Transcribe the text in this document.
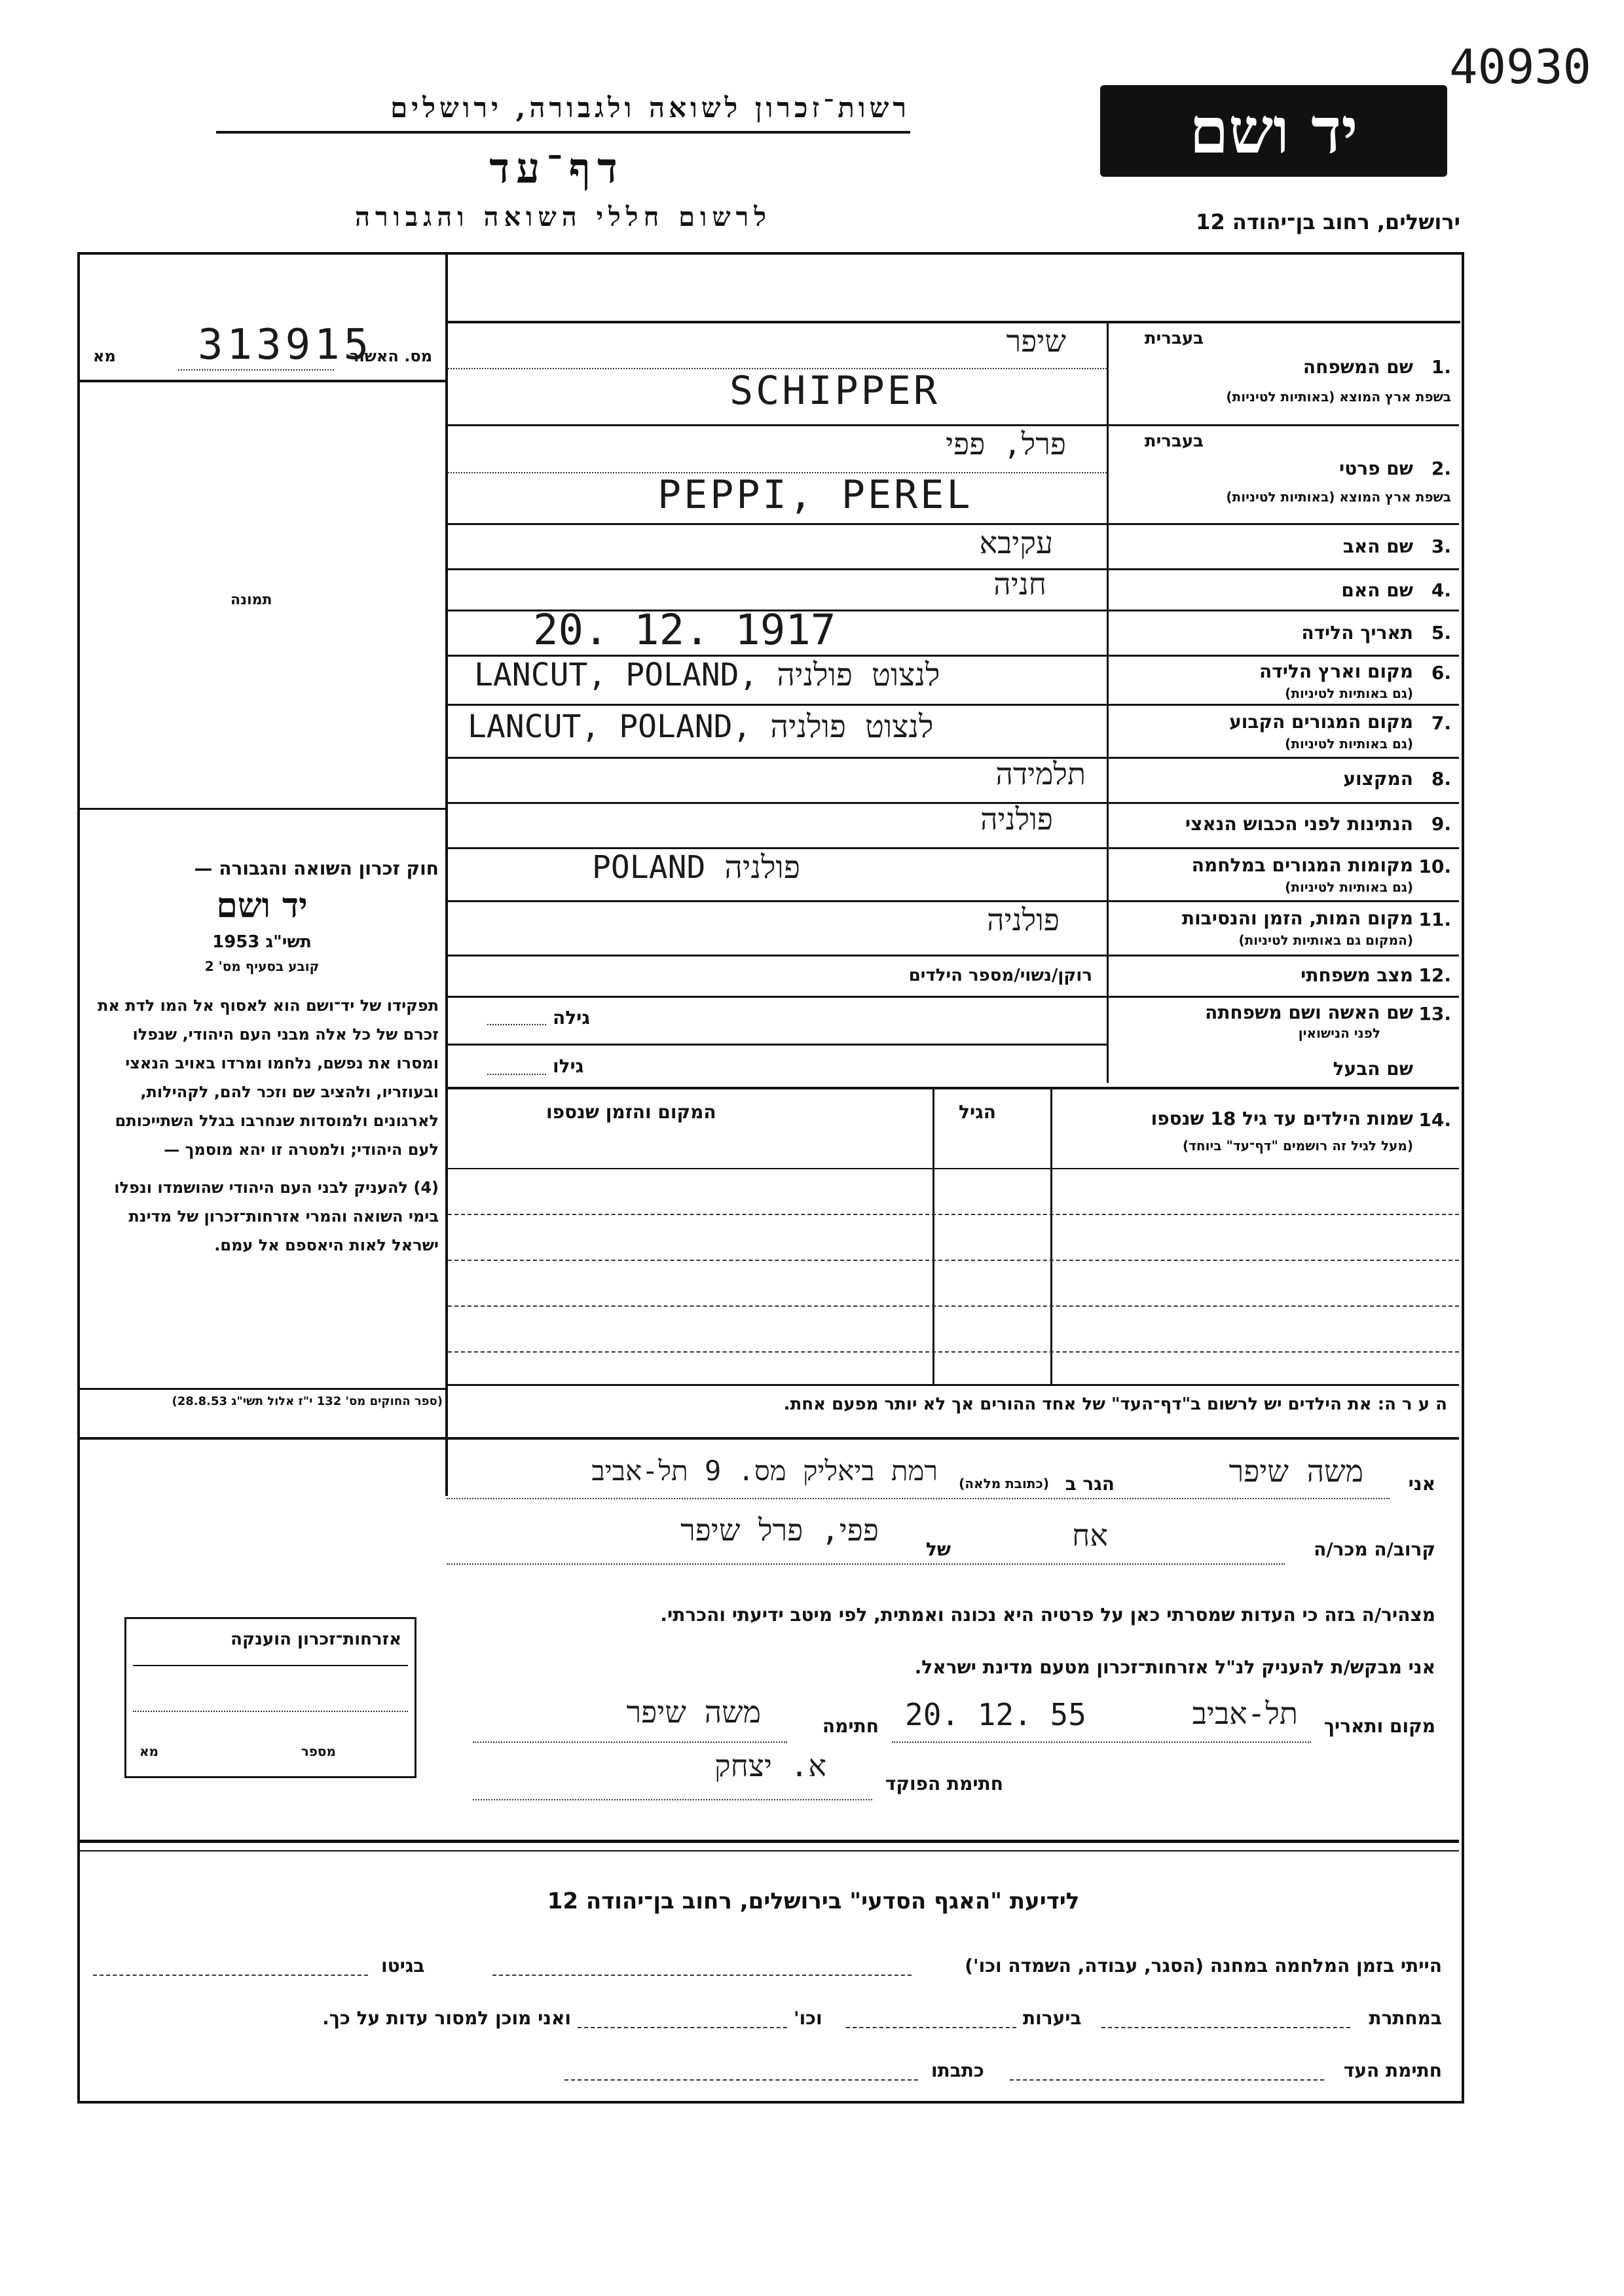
40930
רשות־זכרון לשואה ולגבורה, ירושלים
דף־עד
לרשום חללי השואה והגבורה
יד ושם
ירושלים, רחוב בן־יהודה 12
מס. האשור
מא 313915
תמונה
חוק זכרון השואה והגבורה —
יד ושם
תשי"ג 1953
קובע בסעיף מס' 2
תפקידו של יד־ושם הוא לאסוף אל המו לדת את זכרם של כל אלה מבני העם היהודי, שנפלו ומסרו את נפשם, נלחמו ומרדו באויב הנאצי ובעוזריו, ולהציב שם וזכר להם, לקהילות, לארגונים ולמוסדות שנחרבו בגלל השתייכותם לעם היהודי; ולמטרה זו יהא מוסמך —
(4) להעניק לבני העם היהודי שהושמדו ונפלו בימי השואה והמרי אזרחות־זכרון של מדינת ישראל לאות היאספם אל עמם.
(ספר החוקים מס' 132 י"ז אלול תשי"ג 28.8.53)
בעברית
1.
שם המשפחה
בשפת ארץ המוצא (באותיות לטיניות)
שיפר
SCHIPPER
בעברית
2.
שם פרטי
בשפת ארץ המוצא (באותיות לטיניות)
פרל, פפי
PEPPI, PEREL
3.
שם האב
עקיבא
4.
שם האם
חניה
5.
תאריך הלידה
20. 12. 1917
6.
מקום וארץ הלידה
(גם באותיות לטיניות)
LANCUT, POLAND, לנצוט פולניה
7.
מקום המגורים הקבוע
(גם באותיות לטיניות)
LANCUT, POLAND, לנצוט פולניה
8.
המקצוע
תלמידה
9.
הנתינות לפני הכבוש הנאצי
פולניה
10.
מקומות המגורים במלחמה
(גם באותיות לטיניות)
POLAND פולניה
11.
מקום המות, הזמן והנסיבות
(המקום גם באותיות לטיניות)
פולניה
12.
מצב משפחתי
רוקן/נשוי/מספר הילדים
13.
שם האשה ושם משפחתה
לפני הנישואין
גילה
שם הבעל
גילו
14.
שמות הילדים עד גיל 18 שנספו
(מעל לגיל זה רושמים "דף־עד" ביוחד)
הגיל
המקום והזמן שנספו
ה ע ר ה: את הילדים יש לרשום ב"דף־העד" של אחד ההורים אך לא יותר מפעם אחת.
אני
משה שיפר
הגר ב
(כתובת מלאה)
רמת ביאליק מס. 9 תל-אביב
קרוב/ה מכר/ה
אח
של
פפי, פרל שיפר
מצהיר/ה בזה כי העדות שמסרתי כאן על פרטיה היא נכונה ואמתית, לפי מיטב ידיעתי והכרתי.
אני מבקש/ת להעניק לנ"ל אזרחות־זכרון מטעם מדינת ישראל.
מקום ותאריך
תל-אביב
20. 12. 55
חתימה
משה שיפר
חתימת הפוקד
א. יצחק
אזרחות־זכרון הוענקה
מספר
מא
לידיעת "האגף הסדעי" בירושלים, רחוב בן־יהודה 12
הייתי בזמן המלחמה במחנה (הסגר, עבודה, השמדה וכו')
בגיטו
במחתרת
ביערות
וכו'
ואני מוכן למסור עדות על כך.
חתימת העד
כתבתו
